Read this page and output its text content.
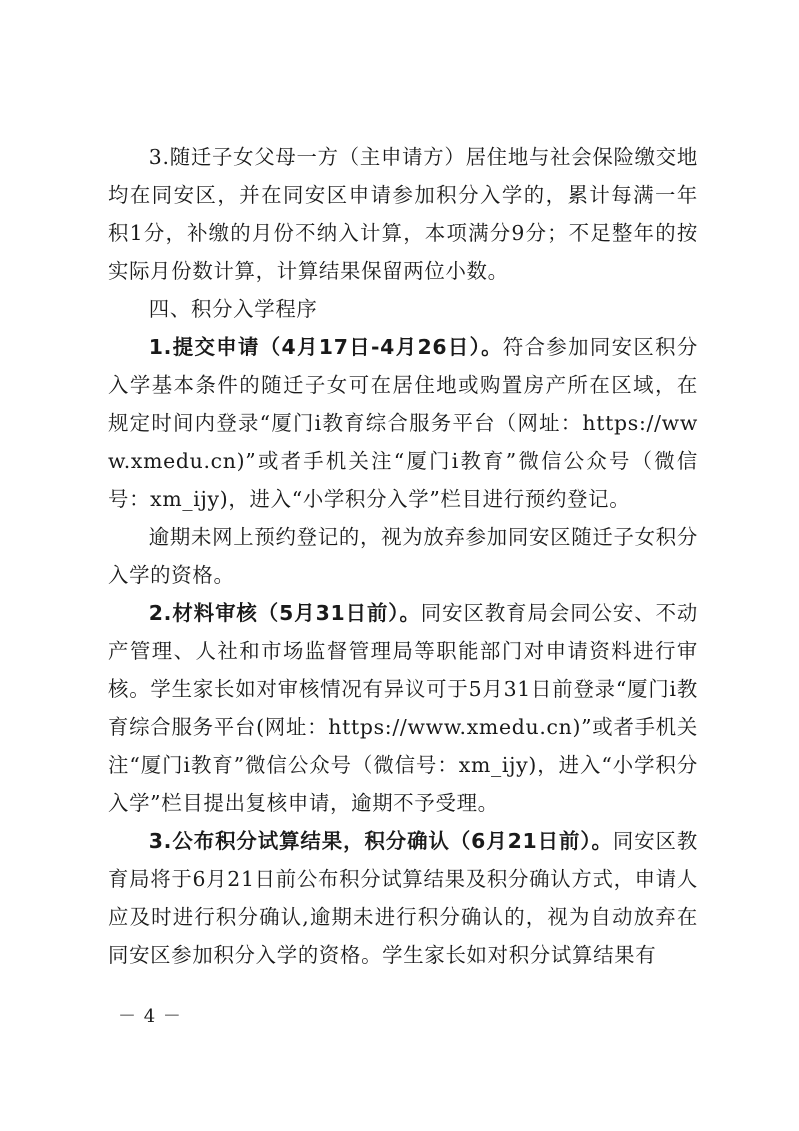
3.随迁子女父母一方（主申请方）居住地与社会保险缴交地均在同安区，并在同安区申请参加积分入学的，累计每满一年积1分，补缴的月份不纳入计算，本项满分9分；不足整年的按实际月份数计算，计算结果保留两位小数。

四、积分入学程序

1.提交申请（4月17日-4月26日）。符合参加同安区积分入学基本条件的随迁子女可在居住地或购置房产所在区域，在规定时间内登录“厦门i教育综合服务平台（网址：https://www.xmedu.cn)”或者手机关注“厦门i教育”微信公众号（微信号：xm_ijy)，进入“小学积分入学”栏目进行预约登记。

逾期未网上预约登记的，视为放弃参加同安区随迁子女积分入学的资格。

2.材料审核（5月31日前）。同安区教育局会同公安、不动产管理、人社和市场监督管理局等职能部门对申请资料进行审核。学生家长如对审核情况有异议可于5月31日前登录“厦门i教育综合服务平台(网址：https://www.xmedu.cn)”或者手机关注“厦门i教育”微信公众号（微信号：xm_ijy)，进入“小学积分入学”栏目提出复核申请，逾期不予受理。

3.公布积分试算结果，积分确认（6月21日前）。同安区教育局将于6月21日前公布积分试算结果及积分确认方式，申请人应及时进行积分确认,逾期未进行积分确认的，视为自动放弃在同安区参加积分入学的资格。学生家长如对积分试算结果有

－ 4 －
